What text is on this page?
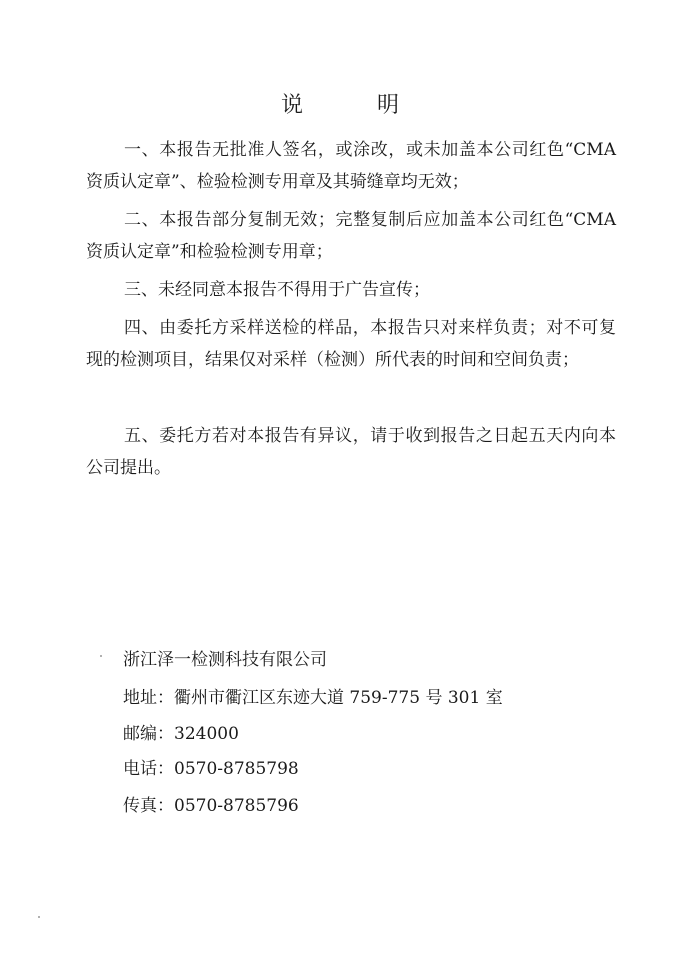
说　明

一、本报告无批准人签名，或涂改，或未加盖本公司红色“CMA资质认定章”、检验检测专用章及其骑缝章均无效；

二、本报告部分复制无效；完整复制后应加盖本公司红色“CMA 资质认定章”和检验检测专用章；

三、未经同意本报告不得用于广告宣传；

四、由委托方采样送检的样品，本报告只对来样负责；对不可复现的检测项目，结果仅对采样（检测）所代表的时间和空间负责；

五、委托方若对本报告有异议，请于收到报告之日起五天内向本公司提出。

浙江泽一检测科技有限公司
地址：衢州市衢江区东迹大道 759-775 号 301 室
邮编：324000
电话：0570-8785798
传真：0570-8785796
